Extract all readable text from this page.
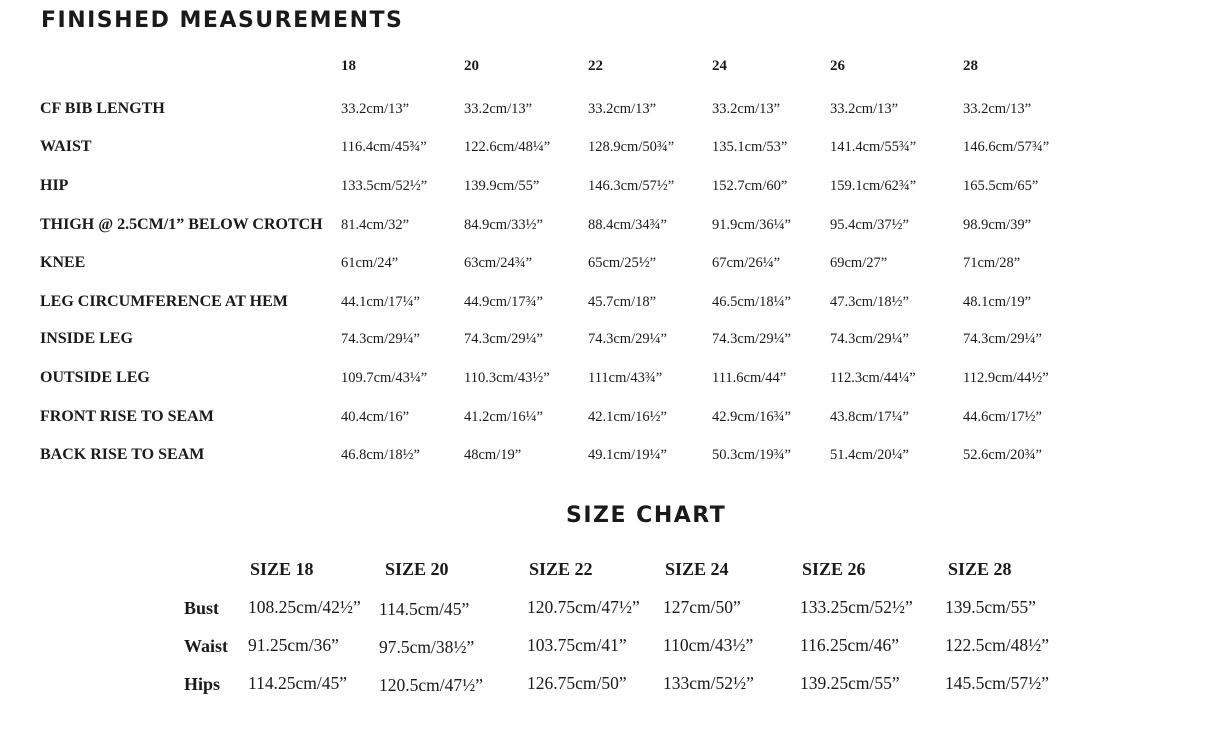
FINISHED MEASUREMENTS
18	20	22	24	26	28
CF BIB LENGTH	33.2cm/13”	33.2cm/13”	33.2cm/13”	33.2cm/13”	33.2cm/13”	33.2cm/13”
WAIST	116.4cm/45¾”	122.6cm/48¼”	128.9cm/50¾”	135.1cm/53”	141.4cm/55¾”	146.6cm/57¾”
HIP	133.5cm/52½”	139.9cm/55”	146.3cm/57½”	152.7cm/60”	159.1cm/62¾”	165.5cm/65”
THIGH @ 2.5CM/1” BELOW CROTCH 81.4cm/32”	84.9cm/33½”	88.4cm/34¾”	91.9cm/36¼”	95.4cm/37½”	98.9cm/39”
KNEE	61cm/24”	63cm/24¾”	65cm/25½”	67cm/26¼”	69cm/27”	71cm/28”
LEG CIRCUMFERENCE AT HEM	44.1cm/17¼”	44.9cm/17¾”	45.7cm/18”	46.5cm/18¼”	47.3cm/18½”	48.1cm/19”
INSIDE LEG	74.3cm/29¼”	74.3cm/29¼”	74.3cm/29¼”	74.3cm/29¼”	74.3cm/29¼”	74.3cm/29¼”
OUTSIDE LEG	109.7cm/43¼”	110.3cm/43½”	111cm/43¾”	111.6cm/44”	112.3cm/44¼”	112.9cm/44½”
FRONT RISE TO SEAM	40.4cm/16”	41.2cm/16¼”	42.1cm/16½”	42.9cm/16¾”	43.8cm/17¼”	44.6cm/17½”
BACK RISE TO SEAM	46.8cm/18½”	48cm/19”	49.1cm/19¼”	50.3cm/19¾”	51.4cm/20¼”	52.6cm/20¾”
SIZE CHART
SIZE 18	SIZE 20	SIZE 22	SIZE 24	SIZE 26	SIZE 28
Bust 108.25cm/42½” 114.5cm/45”	120.75cm/47½” 127cm/50”	133.25cm/52½” 139.5cm/55”
Waist 91.25cm/36” 97.5cm/38½”	103.75cm/41” 110cm/43½”	116.25cm/46”	122.5cm/48½”
Hips 114.25cm/45” 120.5cm/47½”	126.75cm/50” 133cm/52½”	139.25cm/55”	145.5cm/57½”
